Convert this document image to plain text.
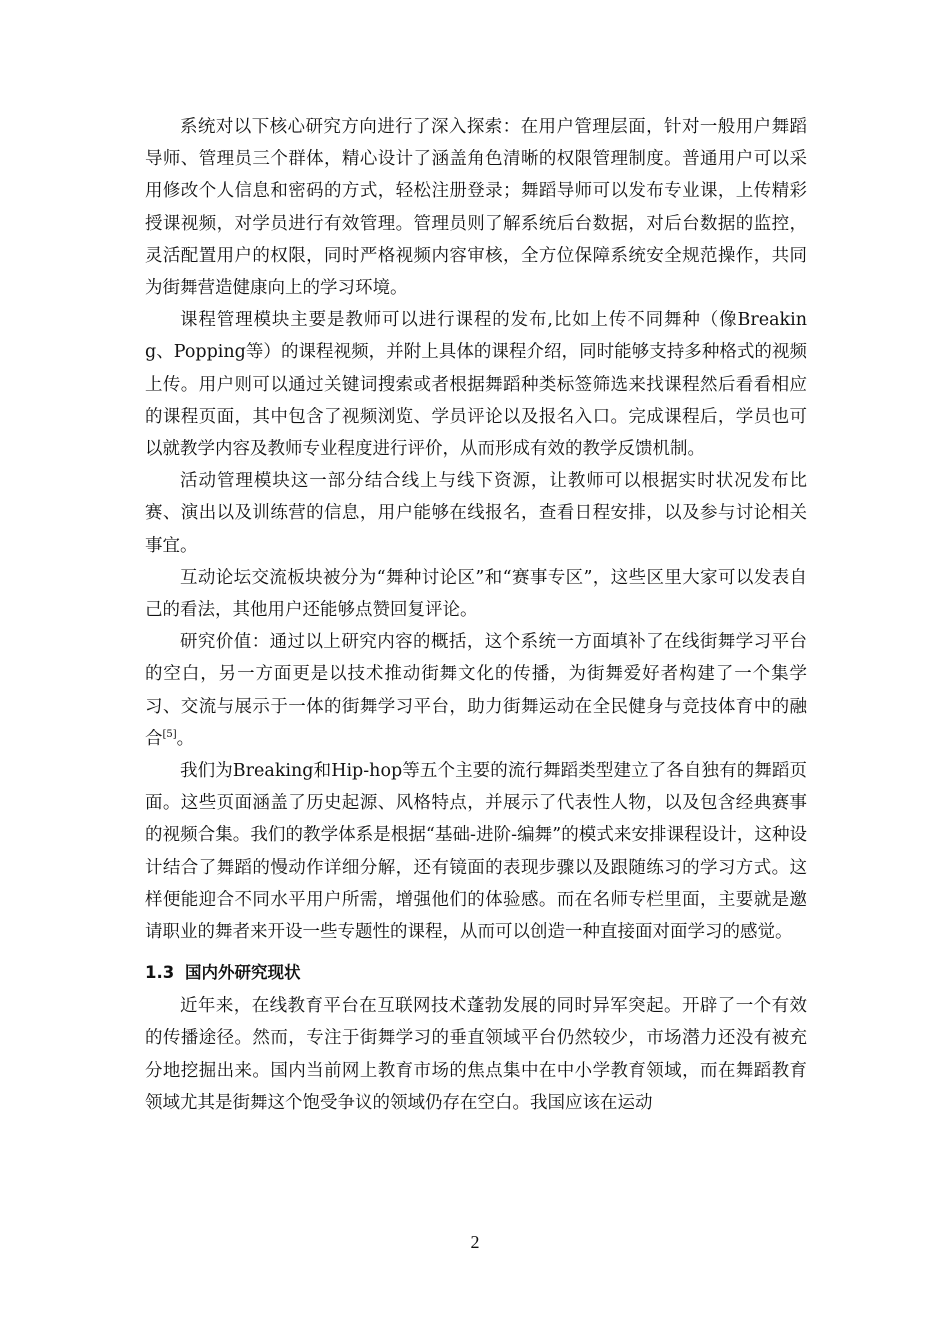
系统对以下核心研究方向进行了深入探索：在用户管理层面，针对一般用户舞蹈导师、管理员三个群体，精心设计了涵盖角色清晰的权限管理制度。普通用户可以采用修改个人信息和密码的方式，轻松注册登录；舞蹈导师可以发布专业课，上传精彩授课视频，对学员进行有效管理。管理员则了解系统后台数据，对后台数据的监控，灵活配置用户的权限，同时严格视频内容审核，全方位保障系统安全规范操作，共同为街舞营造健康向上的学习环境。

课程管理模块主要是教师可以进行课程的发布,比如上传不同舞种（像Breaking、Popping等）的课程视频，并附上具体的课程介绍，同时能够支持多种格式的视频上传。用户则可以通过关键词搜索或者根据舞蹈种类标签筛选来找课程然后看看相应的课程页面，其中包含了视频浏览、学员评论以及报名入口。完成课程后，学员也可以就教学内容及教师专业程度进行评价，从而形成有效的教学反馈机制。

活动管理模块这一部分结合线上与线下资源，让教师可以根据实时状况发布比赛、演出以及训练营的信息，用户能够在线报名，查看日程安排，以及参与讨论相关事宜。

互动论坛交流板块被分为“舞种讨论区”和“赛事专区”，这些区里大家可以发表自己的看法，其他用户还能够点赞回复评论。

研究价值：通过以上研究内容的概括，这个系统一方面填补了在线街舞学习平台的空白，另一方面更是以技术推动街舞文化的传播，为街舞爱好者构建了一个集学习、交流与展示于一体的街舞学习平台，助力街舞运动在全民健身与竞技体育中的融合[5]。

我们为Breaking和Hip-hop等五个主要的流行舞蹈类型建立了各自独有的舞蹈页面。这些页面涵盖了历史起源、风格特点，并展示了代表性人物，以及包含经典赛事的视频合集。我们的教学体系是根据“基础-进阶-编舞”的模式来安排课程设计，这种设计结合了舞蹈的慢动作详细分解，还有镜面的表现步骤以及跟随练习的学习方式。这样便能迎合不同水平用户所需，增强他们的体验感。而在名师专栏里面，主要就是邀请职业的舞者来开设一些专题性的课程，从而可以创造一种直接面对面学习的感觉。

1.3 国内外研究现状

近年来，在线教育平台在互联网技术蓬勃发展的同时异军突起。开辟了一个有效的传播途径。然而，专注于街舞学习的垂直领域平台仍然较少，市场潜力还没有被充分地挖掘出来。国内当前网上教育市场的焦点集中在中小学教育领域，而在舞蹈教育领域尤其是街舞这个饱受争议的领域仍存在空白。我国应该在运动

2
